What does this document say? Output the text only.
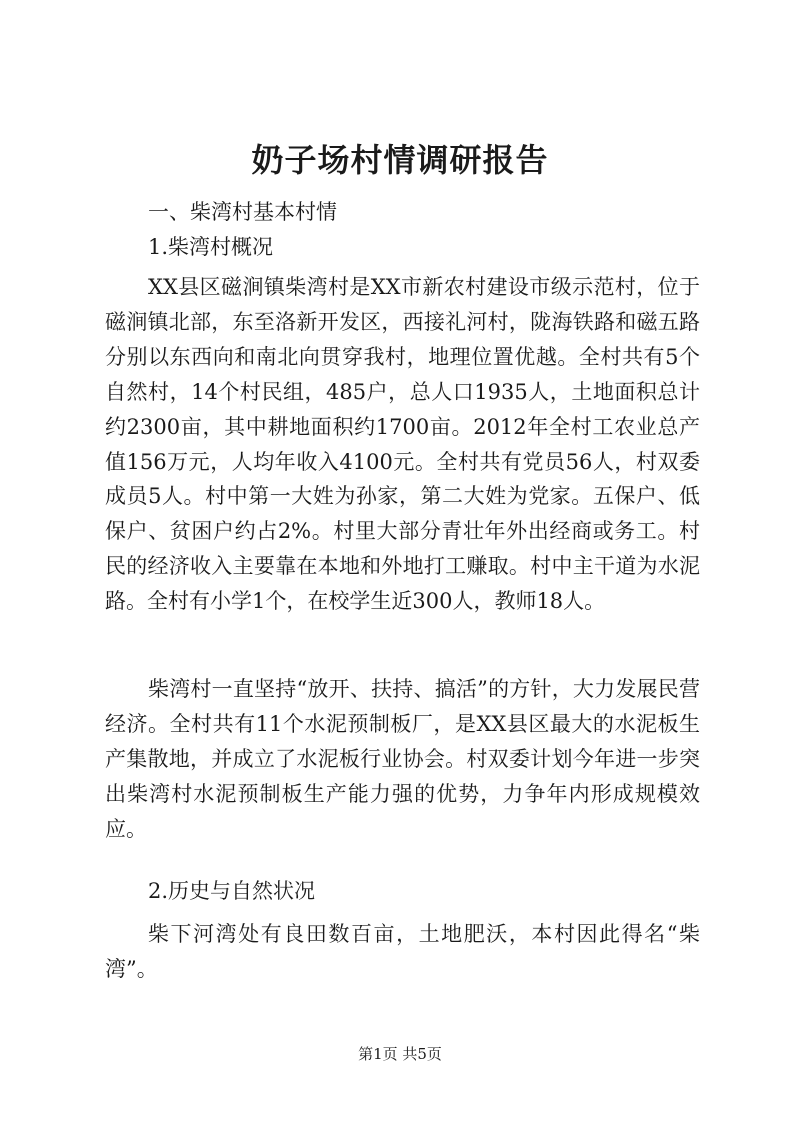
奶子场村情调研报告

一、柴湾村基本村情

1.柴湾村概况

XX县区磁涧镇柴湾村是XX市新农村建设市级示范村，位于磁涧镇北部，东至洛新开发区，西接礼河村，陇海铁路和磁五路分别以东西向和南北向贯穿我村，地理位置优越。全村共有5个自然村，14个村民组，485户，总人口1935人，土地面积总计约2300亩，其中耕地面积约1700亩。2012年全村工农业总产值156万元，人均年收入4100元。全村共有党员56人，村双委成员5人。村中第一大姓为孙家，第二大姓为党家。五保户、低保户、贫困户约占2%。村里大部分青壮年外出经商或务工。村民的经济收入主要靠在本地和外地打工赚取。村中主干道为水泥路。全村有小学1个，在校学生近300人，教师18人。

柴湾村一直坚持“放开、扶持、搞活”的方针，大力发展民营经济。全村共有11个水泥预制板厂，是XX县区最大的水泥板生产集散地，并成立了水泥板行业协会。村双委计划今年进一步突出柴湾村水泥预制板生产能力强的优势，力争年内形成规模效应。

2.历史与自然状况

柴下河湾处有良田数百亩，土地肥沃，本村因此得名“柴湾”。

第1页 共5页
